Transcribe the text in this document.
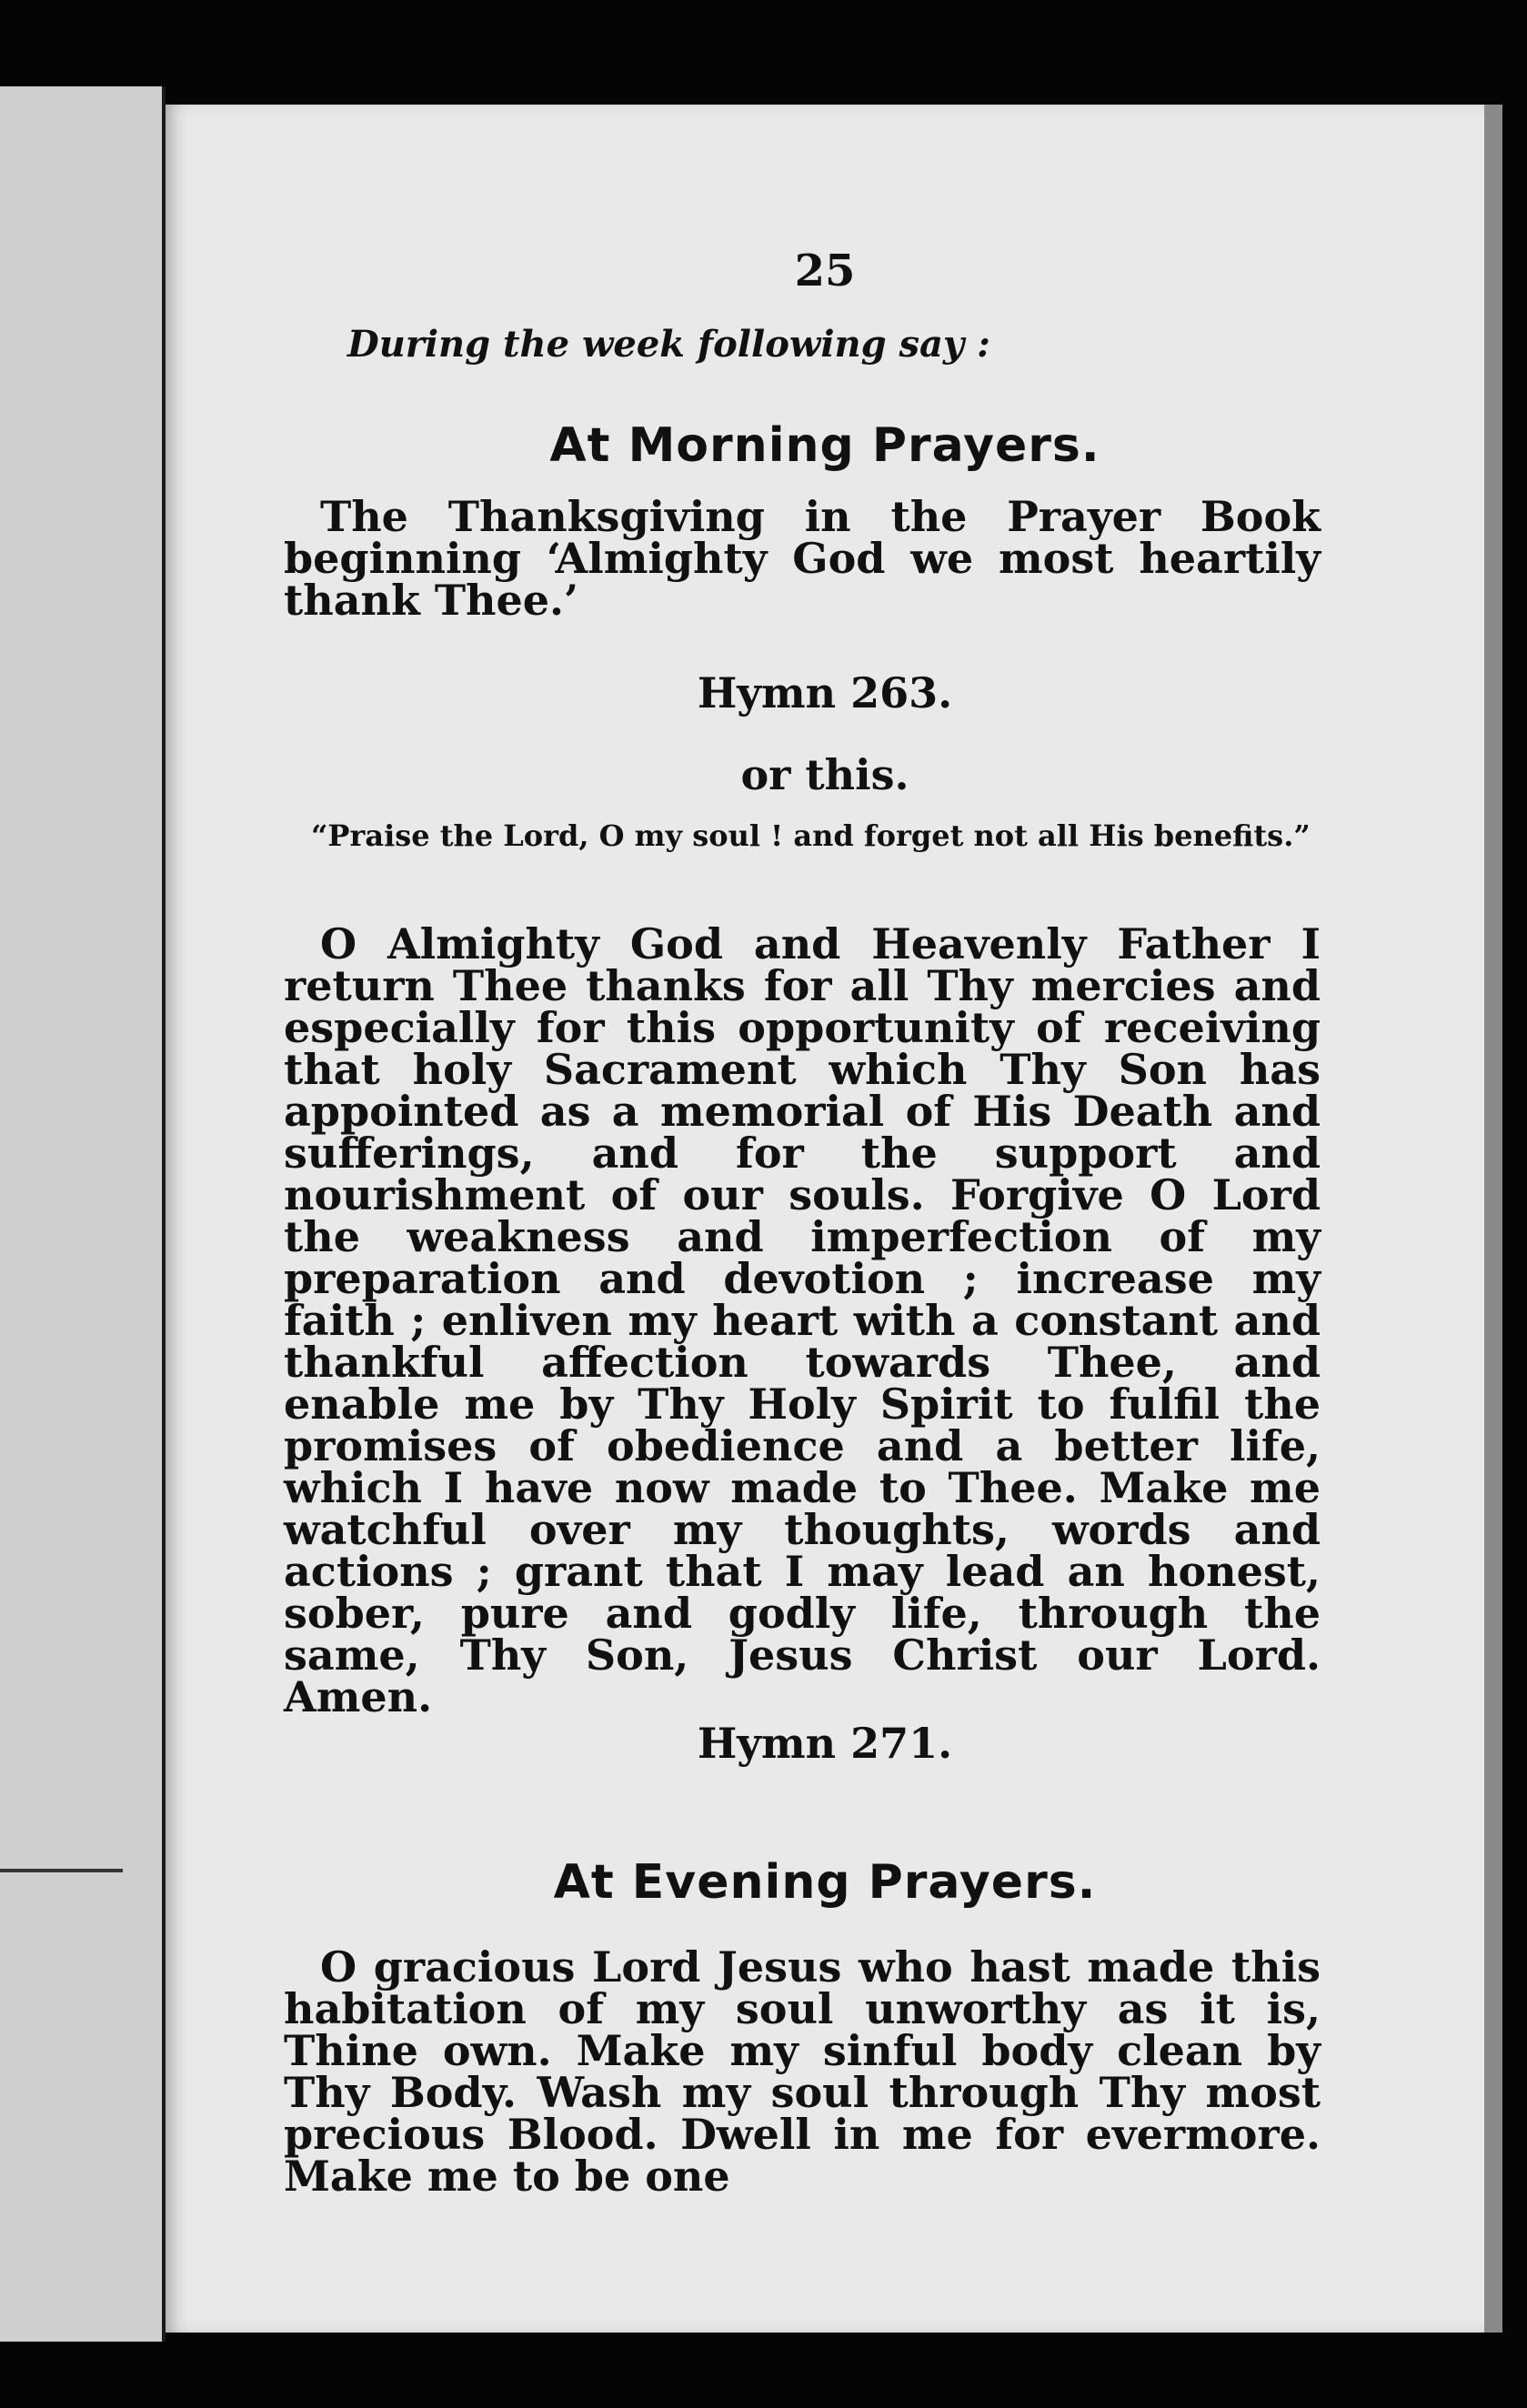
25
During the week following say :
At Morning Prayers.
The Thanksgiving in the Prayer Book beginning ‘Almighty God we most heartily thank Thee.’
Hymn 263.
or this.
“Praise the Lord, O my soul ! and forget not all His benefits.”
O Almighty God and Heavenly Father I return Thee thanks for all Thy mercies and especially for this opportunity of receiving that holy Sacrament which Thy Son has appointed as a memorial of His Death and sufferings, and for the support and nourishment of our souls. Forgive O Lord the weakness and imperfection of my preparation and devotion ; increase my faith ; enliven my heart with a constant and thankful affection towards Thee, and enable me by Thy Holy Spirit to fulfil the promises of obedience and a better life, which I have now made to Thee. Make me watchful over my thoughts, words and actions ; grant that I may lead an honest, sober, pure and godly life, through the same, Thy Son, Jesus Christ our Lord. Amen.
Hymn 271.
At Evening Prayers.
O gracious Lord Jesus who hast made this habitation of my soul unworthy as it is, Thine own. Make my sinful body clean by Thy Body. Wash my soul through Thy most precious Blood. Dwell in me for evermore. Make me to be one
